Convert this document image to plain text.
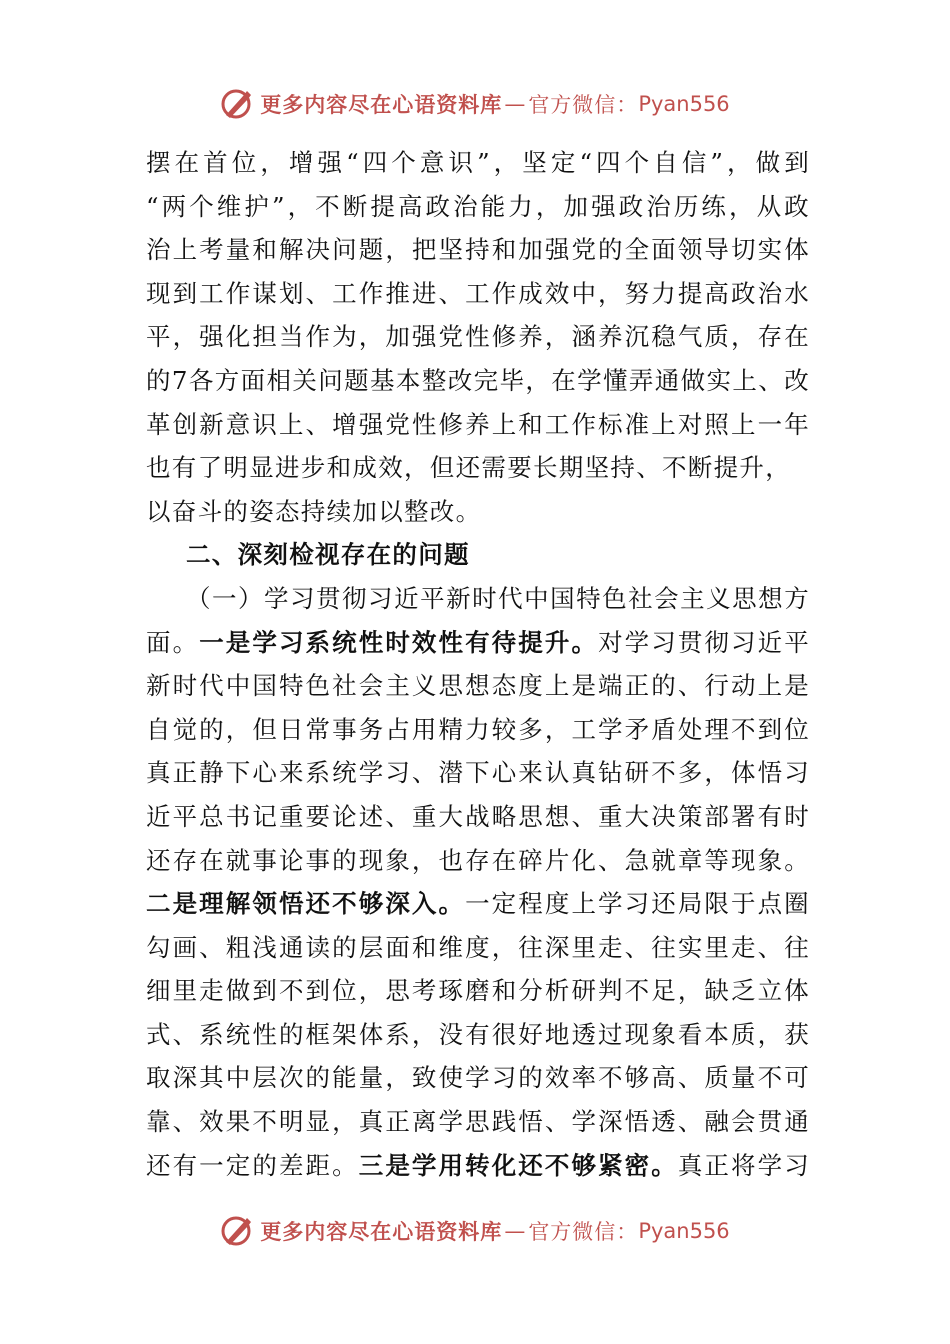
更多内容尽在心语资料库 — 官方微信： Pyan556
摆在首位，增强“四个意识”，坚定“四个自信”，做到
“两个维护”，不断提高政治能力，加强政治历练，从政
治上考量和解决问题，把坚持和加强党的全面领导切实体
现到工作谋划、工作推进、工作成效中，努力提高政治水
平，强化担当作为，加强党性修养，涵养沉稳气质，存在
的7各方面相关问题基本整改完毕，在学懂弄通做实上、改
革创新意识上、增强党性修养上和工作标准上对照上一年
也有了明显进步和成效，但还需要长期坚持、不断提升，
以奋斗的姿态持续加以整改。
二、深刻检视存在的问题
（一）学习贯彻习近平新时代中国特色社会主义思想方
面。一是学习系统性时效性有待提升。对学习贯彻习近平
新时代中国特色社会主义思想态度上是端正的、行动上是
自觉的，但日常事务占用精力较多，工学矛盾处理不到位
真正静下心来系统学习、潜下心来认真钻研不多，体悟习
近平总书记重要论述、重大战略思想、重大决策部署有时
还存在就事论事的现象，也存在碎片化、急就章等现象。
二是理解领悟还不够深入。一定程度上学习还局限于点圈
勾画、粗浅通读的层面和维度，往深里走、往实里走、往
细里走做到不到位，思考琢磨和分析研判不足，缺乏立体
式、系统性的框架体系，没有很好地透过现象看本质，获
取深其中层次的能量，致使学习的效率不够高、质量不可
靠、效果不明显，真正离学思践悟、学深悟透、融会贯通
还有一定的差距。三是学用转化还不够紧密。真正将学习
更多内容尽在心语资料库 — 官方微信： Pyan556
